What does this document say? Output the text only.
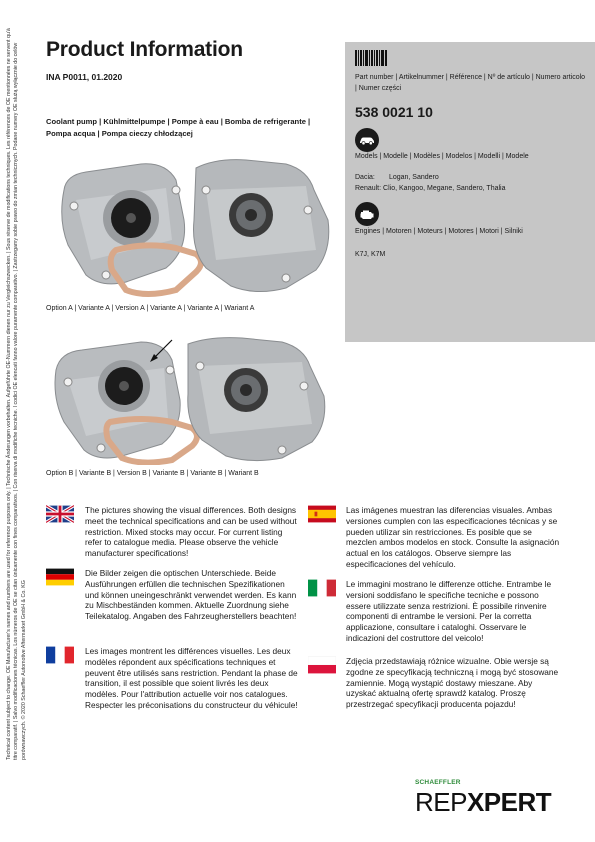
Technical content subject to change. OE Manufacturer's names and numbers are used for reference purposes only. | Technische Änderungen vorbehalten. Aufgeführte OE-Nummern dienen nur zu Vergleichszwecken. | Sous réserve de modifications techniques. Les références de OE mentionnées ne servent qu'à titre comparatif. | Salvo modificaciones técnicas. Los números de OE se citan únicamente con fines comparativos. | Con riserva di modifiche tecniche. I codici OE elencati fanno valore puramente comparativo. | Zastrzegamy sobie prawo do zmian technicznych. Podane numery OE służą wyłącznie do celów porównawczych. © 2020 Schaeffler Automotive Aftermarket GmbH & Co. KG
Product Information
INA P0011, 01.2020
Coolant pump | Kühlmittelpumpe | Pompe à eau | Bomba de refrigerante | Pompa acqua | Pompa cieczy chłodzącej
Part number | Artikelnummer | Référence | Nº de artículo | Numero articolo | Numer części
538 0021 10
Models | Modelle | Modèles | Modelos | Modelli | Modele
Dacia: Logan, Sandero
Renault: Clio, Kangoo, Megane, Sandero, Thalia
Engines | Motoren | Moteurs | Motores | Motori | Silniki
K7J, K7M
Option A | Variante A | Version A | Variante A | Variante A | Wariant A
Option B | Variante B | Version B | Variante B | Variante B | Wariant B
The pictures showing the visual differences. Both designs meet the technical specifications and can be used without restriction. Mixed stocks may occur. For current listing refer to catalogue media. Please observe the vehicle manufacturer specifications!
Die Bilder zeigen die optischen Unterschiede. Beide Ausführungen erfüllen die technischen Spezifikationen und können uneingeschränkt verwendet werden. Es kann zu Mischbeständen kommen. Aktuelle Zuordnung siehe Teilekatalog. Angaben des Fahrzeugherstellers beachten!
Les images montrent les différences visuelles. Les deux modèles répondent aux spécifications techniques et peuvent être utilisés sans restriction. Pendant la phase de transition, il est possible que soient livrés les deux modèles. Pour l'attribution actuelle voir nos catalogues. Respecter les préconisations du constructeur du véhicule!
Las imágenes muestran las diferencias visuales. Ambas versiones cumplen con las especificaciones técnicas y se pueden utilizar sin restricciones. Es posible que se mezclen ambos modelos en stock. Consulte la asignación actual en los catálogos. Observe siempre las especificaciones del vehículo.
Le immagini mostrano le differenze ottiche. Entrambe le versioni soddisfano le specifiche tecniche e possono essere utilizzate senza restrizioni. È possibile rinvenire componenti di entrambe le versioni. Per la corretta applicazione, consultare i cataloghi. Osservare le indicazioni del costruttore del veicolo!
Zdjęcia przedstawiają różnice wizualne. Obie wersje są zgodne ze specyfikacją techniczną i mogą być stosowane zamiennie. Mogą wystąpić dostawy mieszane. Aby uzyskać aktualną ofertę sprawdź katalog. Proszę przestrzegać specyfikacji producenta pojazdu!
SCHAEFFLER
REPXPERT
